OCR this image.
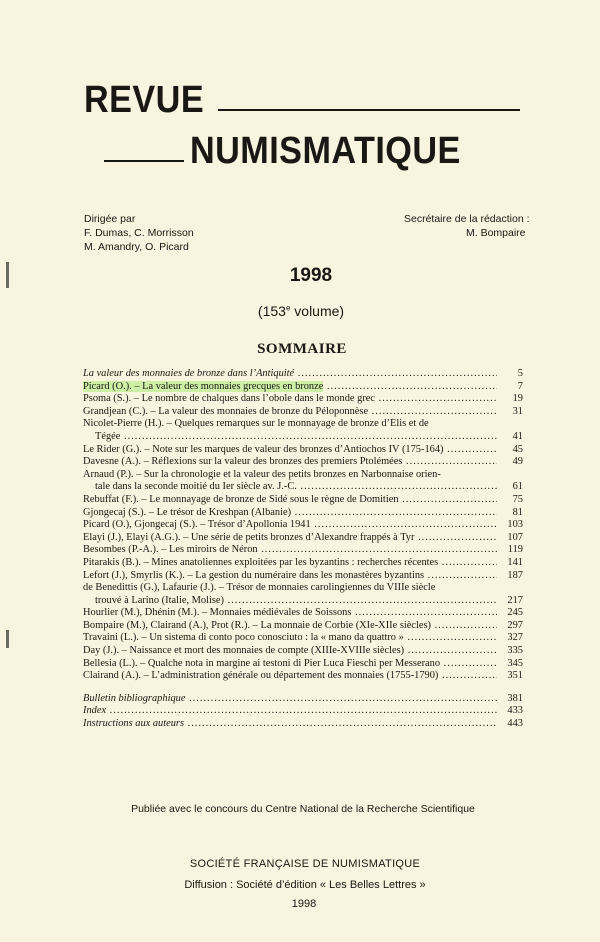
REVUE
NUMISMATIQUE
Dirigée par
F. Dumas, C. Morrisson
M. Amandry, O. Picard
Secrétaire de la rédaction :
M. Bompaire
1998
(153e volume)
SOMMAIRE
La valeur des monnaies de bronze dans l’Antiquité .....	5
Picard (O.). – La valeur des monnaies grecques en bronze .....	7
Psoma (S.). – Le nombre de chalques dans l’obole dans le monde grec .....	19
Grandjean (C.). – La valeur des monnaies de bronze du Péloponnèse .....	31
Nicolet-Pierre (H.). – Quelques remarques sur le monnayage de bronze d’Élis et de
Tégée .....	41
Le Rider (G.). – Note sur les marques de valeur des bronzes d’Antiochos IV (175-164) .....	45
Davesne (A.). – Réflexions sur la valeur des bronzes des premiers Ptolémées .....	49
Arnaud (P.). – Sur la chronologie et la valeur des petits bronzes en Narbonnaise orien-
tale dans la seconde moitié du Ier siècle av. J.-C. .....	61
Rebuffat (F.). – Le monnayage de bronze de Sidé sous le règne de Domitien .....	75
Gjongecaj (S.). – Le trésor de Kreshpan (Albanie) .....	81
Picard (O.), Gjongecaj (S.). – Trésor d’Apollonia 1941 .....	103
Elayi (J.), Elayi (A.G.). – Une série de petits bronzes d’Alexandre frappés à Tyr .....	107
Besombes (P.-A.). – Les miroirs de Néron .....	119
Pitarakis (B.). – Mines anatoliennes exploitées par les byzantins : recherches récentes .....	141
Lefort (J.), Smyrlis (K.). – La gestion du numéraire dans les monastères byzantins .....	187
de Benedittis (G.), Lafaurie (J.). – Trésor de monnaies carolingiennes du VIIIe siècle
trouvé à Larino (Italie, Molise) .....	217
Hourlier (M.), Dhénin (M.). – Monnaies médiévales de Soissons .....	245
Bompaire (M.), Clairand (A.), Prot (R.). – La monnaie de Corbie (XIe-XIIe siècles) .....	297
Travaini (L.). – Un sistema di conto poco conosciuto : la « mano da quattro » .....	327
Day (J.). – Naissance et mort des monnaies de compte (XIIIe-XVIIIe siècles) .....	335
Bellesia (L.). – Qualche nota in margine ai testoni di Pier Luca Fieschi per Messerano .....	345
Clairand (A.). – L’administration générale ou département des monnaies (1755-1790) .....	351
Bulletin bibliographique .....	381
Index .....	433
Instructions aux auteurs .....	443
Publiée avec le concours du Centre National de la Recherche Scientifique
SOCIÉTÉ FRANÇAISE DE NUMISMATIQUE
Diffusion : Société d’édition « Les Belles Lettres »
1998
